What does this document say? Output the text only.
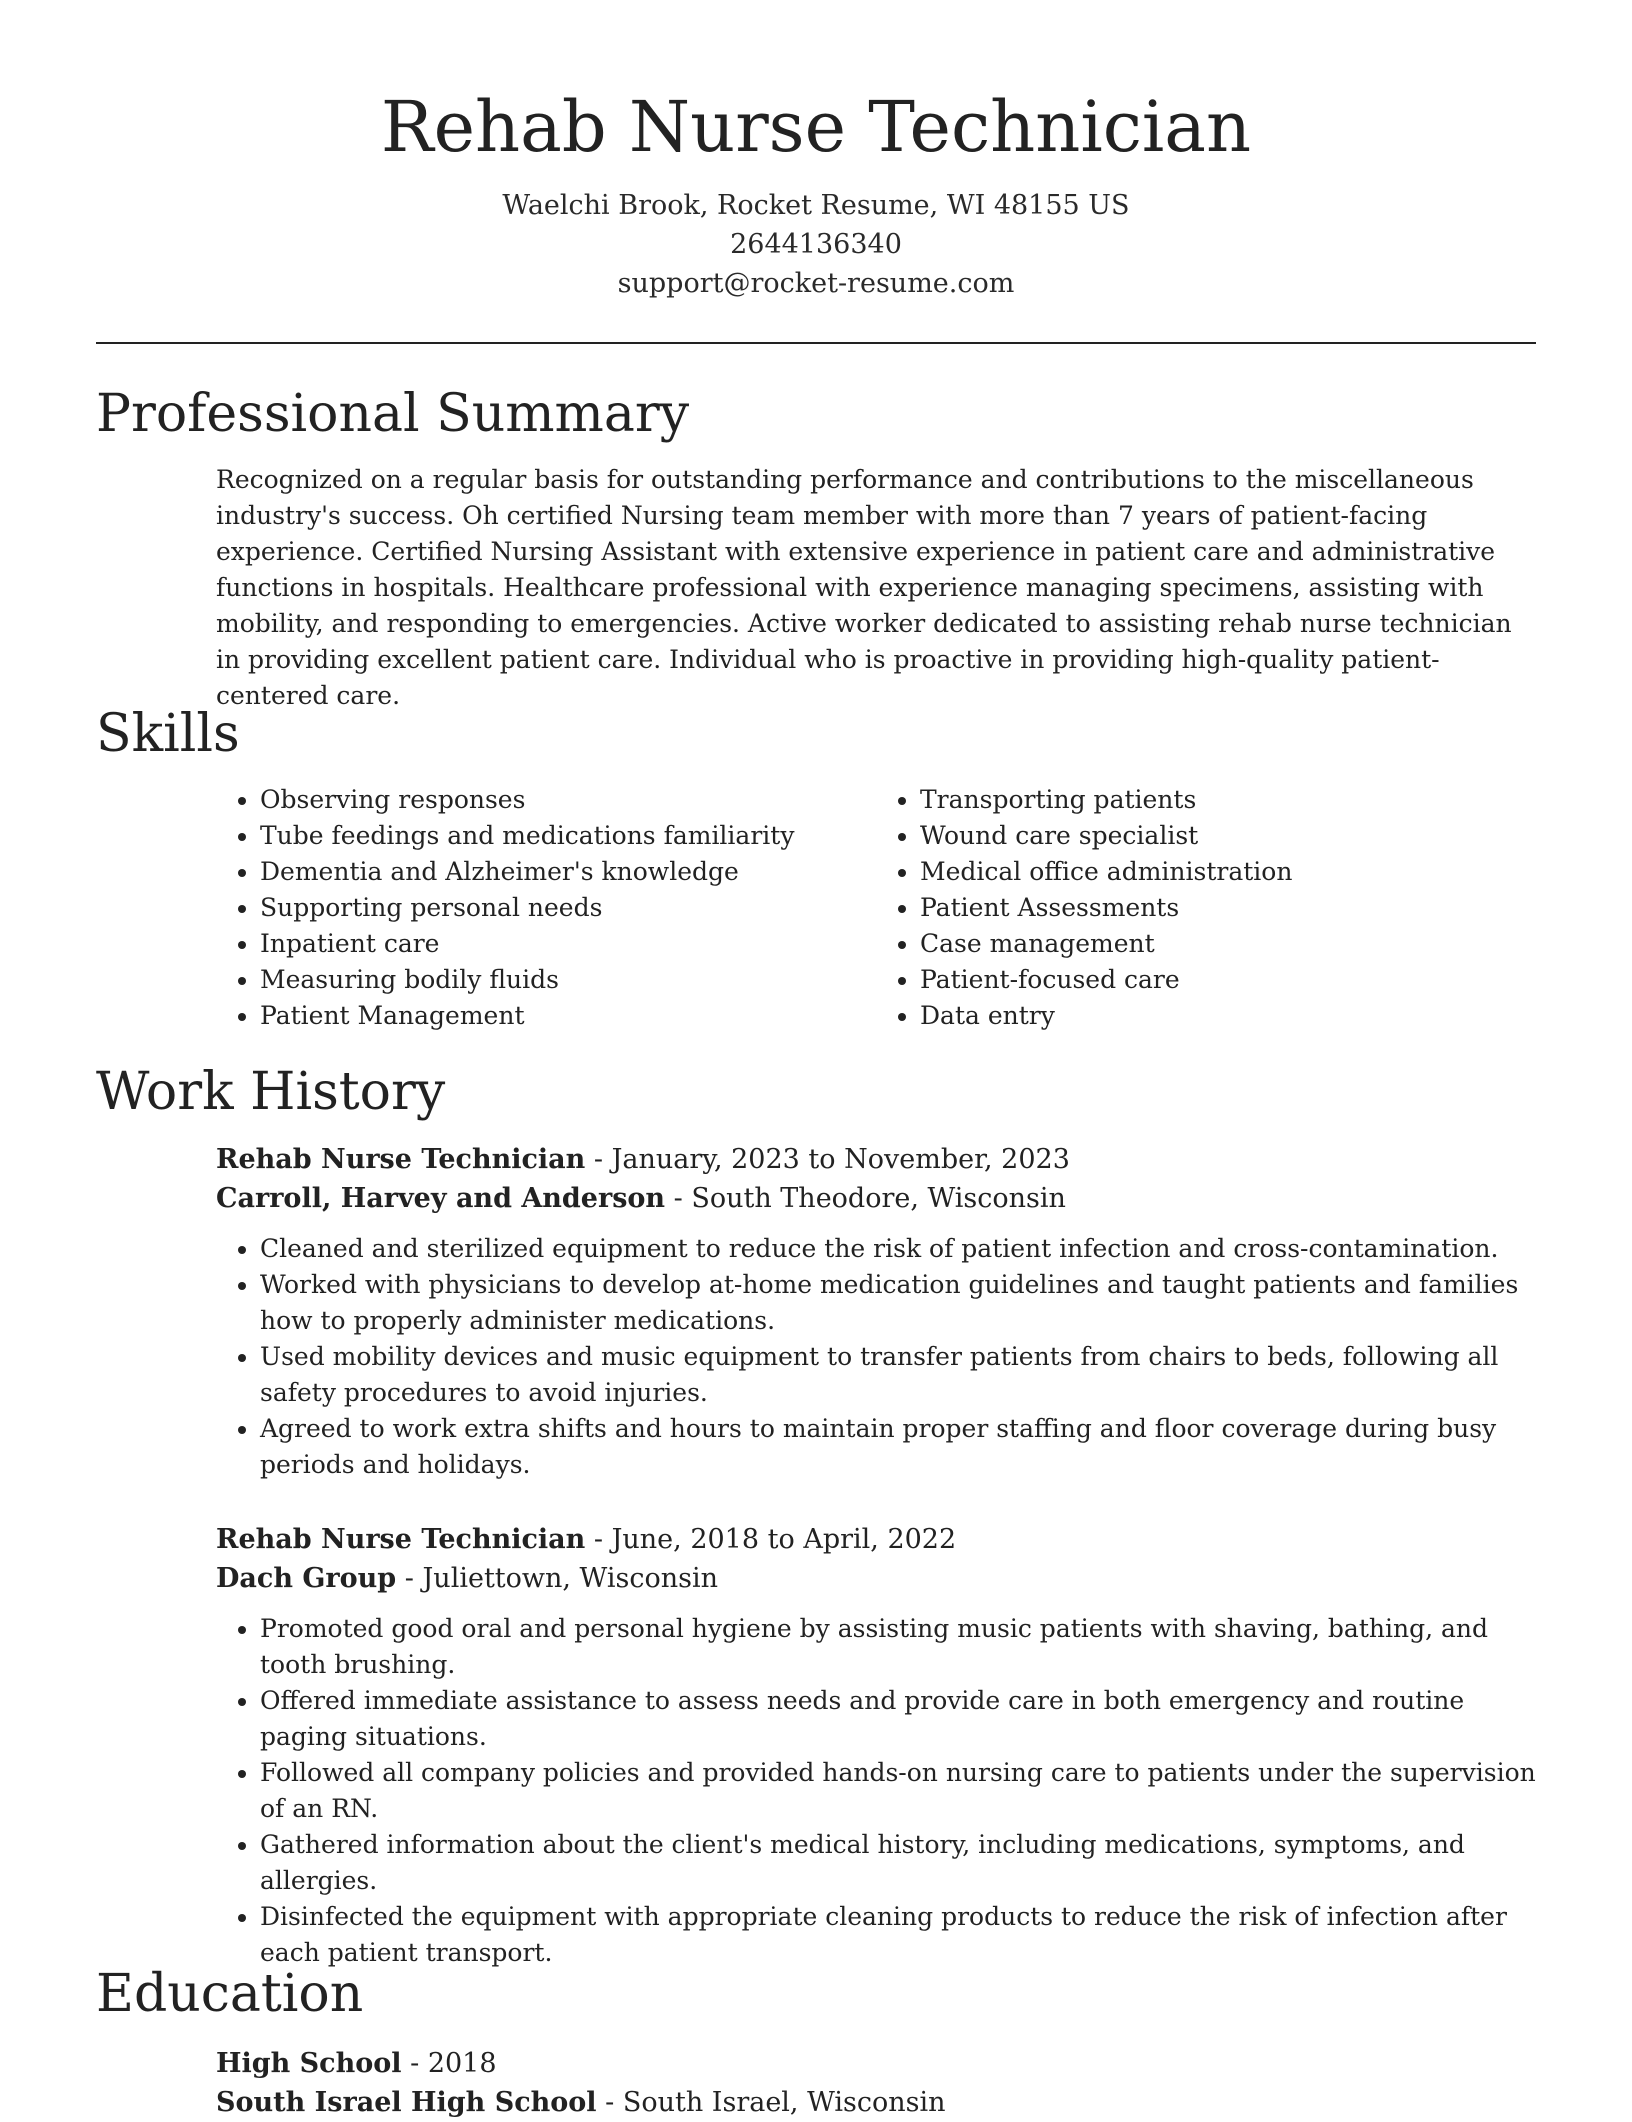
Rehab Nurse Technician
Waelchi Brook, Rocket Resume, WI 48155 US
2644136340
support@rocket-resume.com
Professional Summary

Recognized on a regular basis for outstanding performance and contributions to the miscellaneous industry's success. Oh certified Nursing team member with more than 7 years of patient-facing experience. Certified Nursing Assistant with extensive experience in patient care and administrative functions in hospitals. Healthcare professional with experience managing specimens, assisting with mobility, and responding to emergencies. Active worker dedicated to assisting rehab nurse technician in providing excellent patient care. Individual who is proactive in providing high-quality patient-centered care.

Skills
• Observing responses
• Tube feedings and medications familiarity
• Dementia and Alzheimer's knowledge
• Supporting personal needs
• Inpatient care
• Measuring bodily fluids
• Patient Management
• Transporting patients
• Wound care specialist
• Medical office administration
• Patient Assessments
• Case management
• Patient-focused care
• Data entry
Work History
Rehab Nurse Technician - January, 2023 to November, 2023
Carroll, Harvey and Anderson - South Theodore, Wisconsin
• Cleaned and sterilized equipment to reduce the risk of patient infection and cross-contamination.
• Worked with physicians to develop at-home medication guidelines and taught patients and families how to properly administer medications.
• Used mobility devices and music equipment to transfer patients from chairs to beds, following all safety procedures to avoid injuries.
• Agreed to work extra shifts and hours to maintain proper staffing and floor coverage during busy periods and holidays.
Rehab Nurse Technician - June, 2018 to April, 2022
Dach Group - Juliettown, Wisconsin
• Promoted good oral and personal hygiene by assisting music patients with shaving, bathing, and tooth brushing.
• Offered immediate assistance to assess needs and provide care in both emergency and routine paging situations.
• Followed all company policies and provided hands-on nursing care to patients under the supervision of an RN.
• Gathered information about the client's medical history, including medications, symptoms, and allergies.
• Disinfected the equipment with appropriate cleaning products to reduce the risk of infection after each patient transport.
Education
High School - 2018
South Israel High School - South Israel, Wisconsin
